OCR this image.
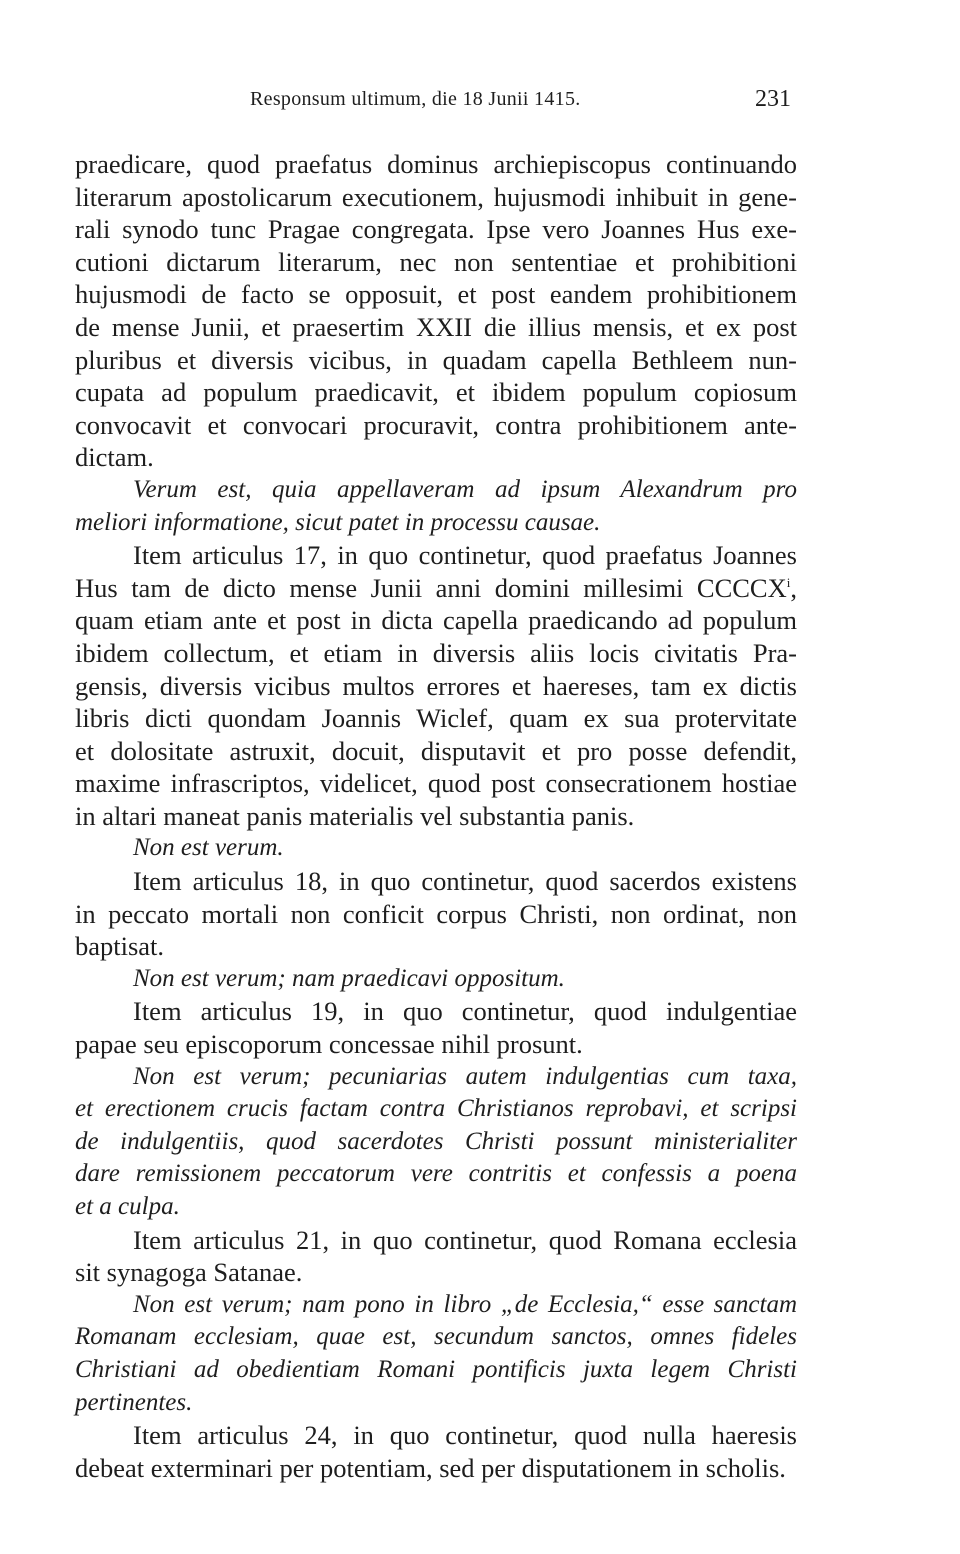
Responsum ultimum, die 18 Junii 1415.	231
praedicare, quod praefatus dominus archiepiscopus continuando
literarum apostolicarum executionem, hujusmodi inhibuit in gene-
rali synodo tunc Pragae congregata. Ipse vero Joannes Hus exe-
cutioni dictarum literarum, nec non sententiae et prohibitioni
hujusmodi de facto se opposuit, et post eandem prohibitionem
de mense Junii, et praesertim XXII die illius mensis, et ex post
pluribus et diversis vicibus, in quadam capella Bethleem nun-
cupata ad populum praedicavit, et ibidem populum copiosum
convocavit et convocari procuravit, contra prohibitionem ante-
dictam.
Verum est, quia appellaveram ad ipsum Alexandrum pro
meliori informatione, sicut patet in processu causae.
Item articulus 17, in quo continetur, quod praefatus Joannes
Hus tam de dicto mense Junii anni domini millesimi CCCCX$^i$,
quam etiam ante et post in dicta capella praedicando ad populum
ibidem collectum, et etiam in diversis aliis locis civitatis Pra-
gensis, diversis vicibus multos errores et haereses, tam ex dictis
libris dicti quondam Joannis Wiclef, quam ex sua protervitate
et dolositate astruxit, docuit, disputavit et pro posse defendit,
maxime infrascriptos, videlicet, quod post consecrationem hostiae
in altari maneat panis materialis vel substantia panis.
Non est verum.
Item articulus 18, in quo continetur, quod sacerdos existens
in peccato mortali non conficit corpus Christi, non ordinat, non
baptisat.
Non est verum; nam praedicavi oppositum.
Item articulus 19, in quo continetur, quod indulgentiae
papae seu episcoporum concessae nihil prosunt.
Non est verum; pecuniarias autem indulgentias cum taxa,
et erectionem crucis factam contra Christianos reprobavi, et scripsi
de indulgentiis, quod sacerdotes Christi possunt ministerialiter
dare remissionem peccatorum vere contritis et confessis a poena
et a culpa.
Item articulus 21, in quo continetur, quod Romana ecclesia
sit synagoga Satanae.
Non est verum; nam pono in libro „de Ecclesia,“ esse sanctam
Romanam ecclesiam, quae est, secundum sanctos, omnes fideles
Christiani ad obedientiam Romani pontificis juxta legem Christi
pertinentes.
Item articulus 24, in quo continetur, quod nulla haeresis
debeat exterminari per potentiam, sed per disputationem in scholis.
